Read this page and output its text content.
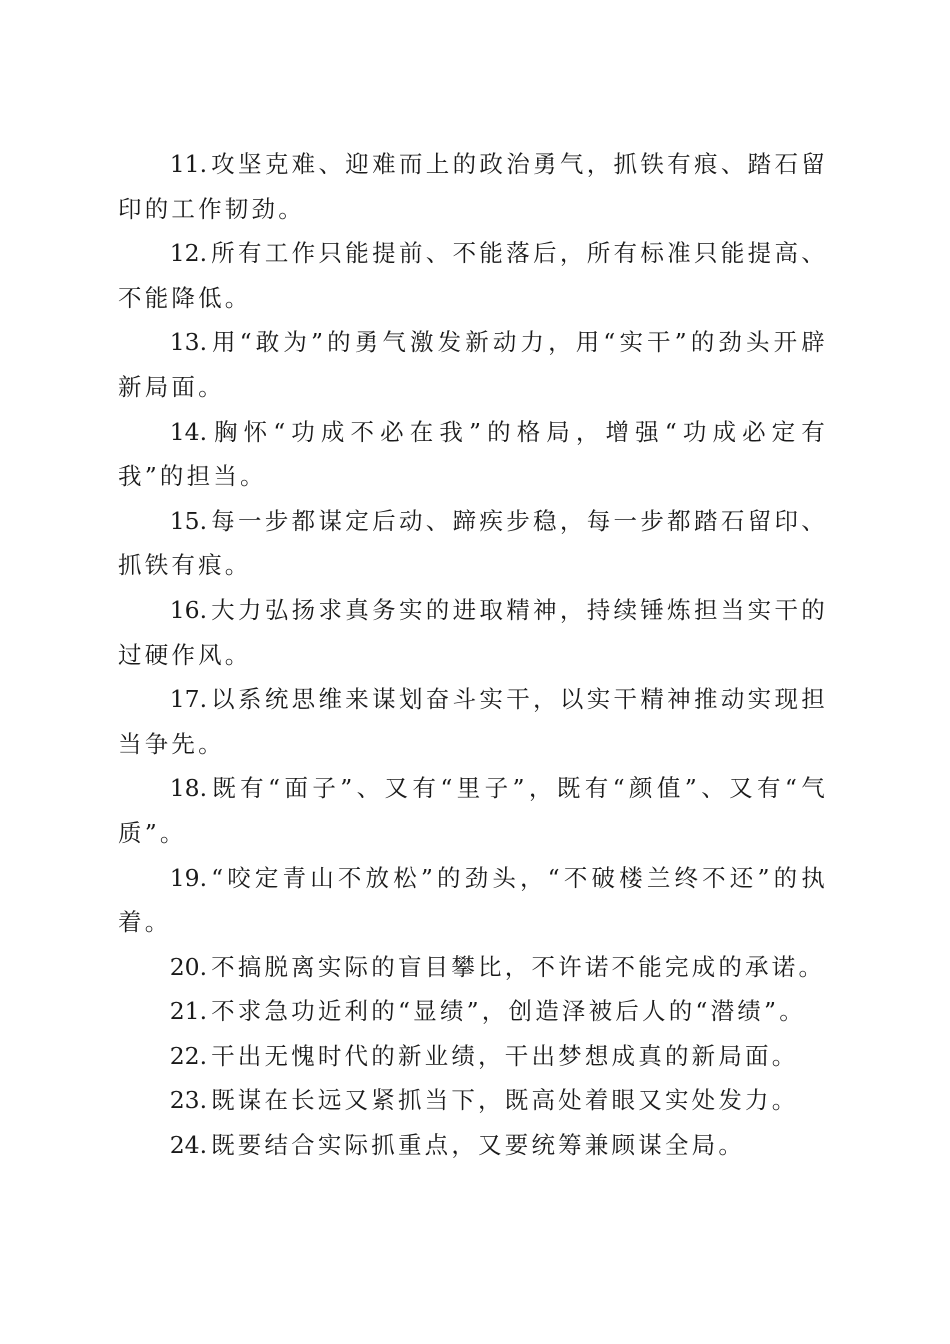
11. 攻坚克难、迎难而上的政治勇气，抓铁有痕、踏石留印的工作韧劲。

12. 所有工作只能提前、不能落后，所有标准只能提高、不能降低。

13. 用“敢为”的勇气激发新动力，用“实干”的劲头开辟新局面。

14. 胸怀“功成不必在我”的格局，增强“功成必定有我”的担当。

15. 每一步都谋定后动、蹄疾步稳，每一步都踏石留印、抓铁有痕。

16. 大力弘扬求真务实的进取精神，持续锤炼担当实干的过硬作风。

17. 以系统思维来谋划奋斗实干，以实干精神推动实现担当争先。

18. 既有“面子”、又有“里子”，既有“颜值”、又有“气质”。

19. “咬定青山不放松”的劲头，“不破楼兰终不还”的执着。

20. 不搞脱离实际的盲目攀比，不许诺不能完成的承诺。

21. 不求急功近利的“显绩”，创造泽被后人的“潜绩”。

22. 干出无愧时代的新业绩，干出梦想成真的新局面。

23. 既谋在长远又紧抓当下，既高处着眼又实处发力。

24. 既要结合实际抓重点，又要统筹兼顾谋全局。
